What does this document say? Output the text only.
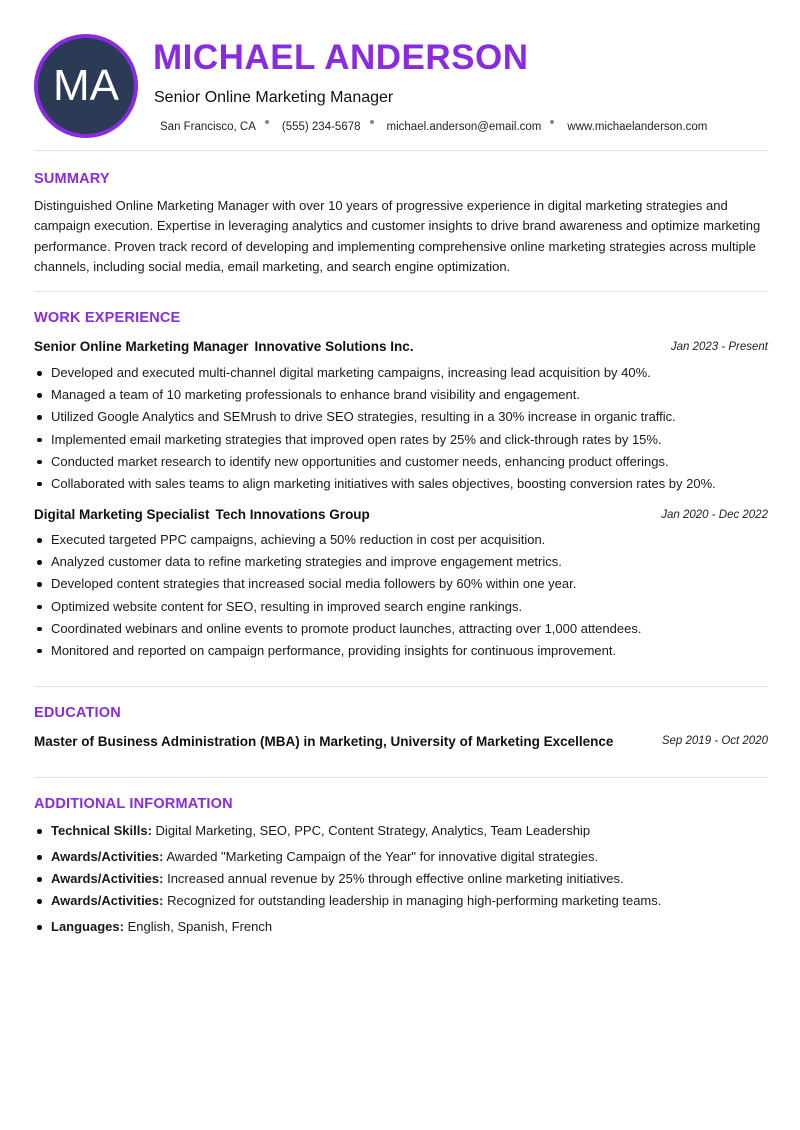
MA
MICHAEL ANDERSON
Senior Online Marketing Manager
San Francisco, CA (555) 234-5678 michael.anderson@email.com www.michaelanderson.com
SUMMARY
Distinguished Online Marketing Manager with over 10 years of progressive experience in digital marketing strategies and campaign execution. Expertise in leveraging analytics and customer insights to drive brand awareness and optimize marketing performance. Proven track record of developing and implementing comprehensive online marketing strategies across multiple channels, including social media, email marketing, and search engine optimization.
WORK EXPERIENCE
Senior Online Marketing Manager Innovative Solutions Inc.	Jan 2023 - Present
Developed and executed multi-channel digital marketing campaigns, increasing lead acquisition by 40%.
Managed a team of 10 marketing professionals to enhance brand visibility and engagement.
Utilized Google Analytics and SEMrush to drive SEO strategies, resulting in a 30% increase in organic traffic.
Implemented email marketing strategies that improved open rates by 25% and click-through rates by 15%.
Conducted market research to identify new opportunities and customer needs, enhancing product offerings.
Collaborated with sales teams to align marketing initiatives with sales objectives, boosting conversion rates by 20%.
Digital Marketing Specialist Tech Innovations Group	Jan 2020 - Dec 2022
Executed targeted PPC campaigns, achieving a 50% reduction in cost per acquisition.
Analyzed customer data to refine marketing strategies and improve engagement metrics.
Developed content strategies that increased social media followers by 60% within one year.
Optimized website content for SEO, resulting in improved search engine rankings.
Coordinated webinars and online events to promote product launches, attracting over 1,000 attendees.
Monitored and reported on campaign performance, providing insights for continuous improvement.
EDUCATION
Master of Business Administration (MBA) in Marketing, University of Marketing Excellence	Sep 2019 - Oct 2020
ADDITIONAL INFORMATION
Technical Skills: Digital Marketing, SEO, PPC, Content Strategy, Analytics, Team Leadership
Awards/Activities: Awarded "Marketing Campaign of the Year" for innovative digital strategies.
Awards/Activities: Increased annual revenue by 25% through effective online marketing initiatives.
Awards/Activities: Recognized for outstanding leadership in managing high-performing marketing teams.
Languages: English, Spanish, French
